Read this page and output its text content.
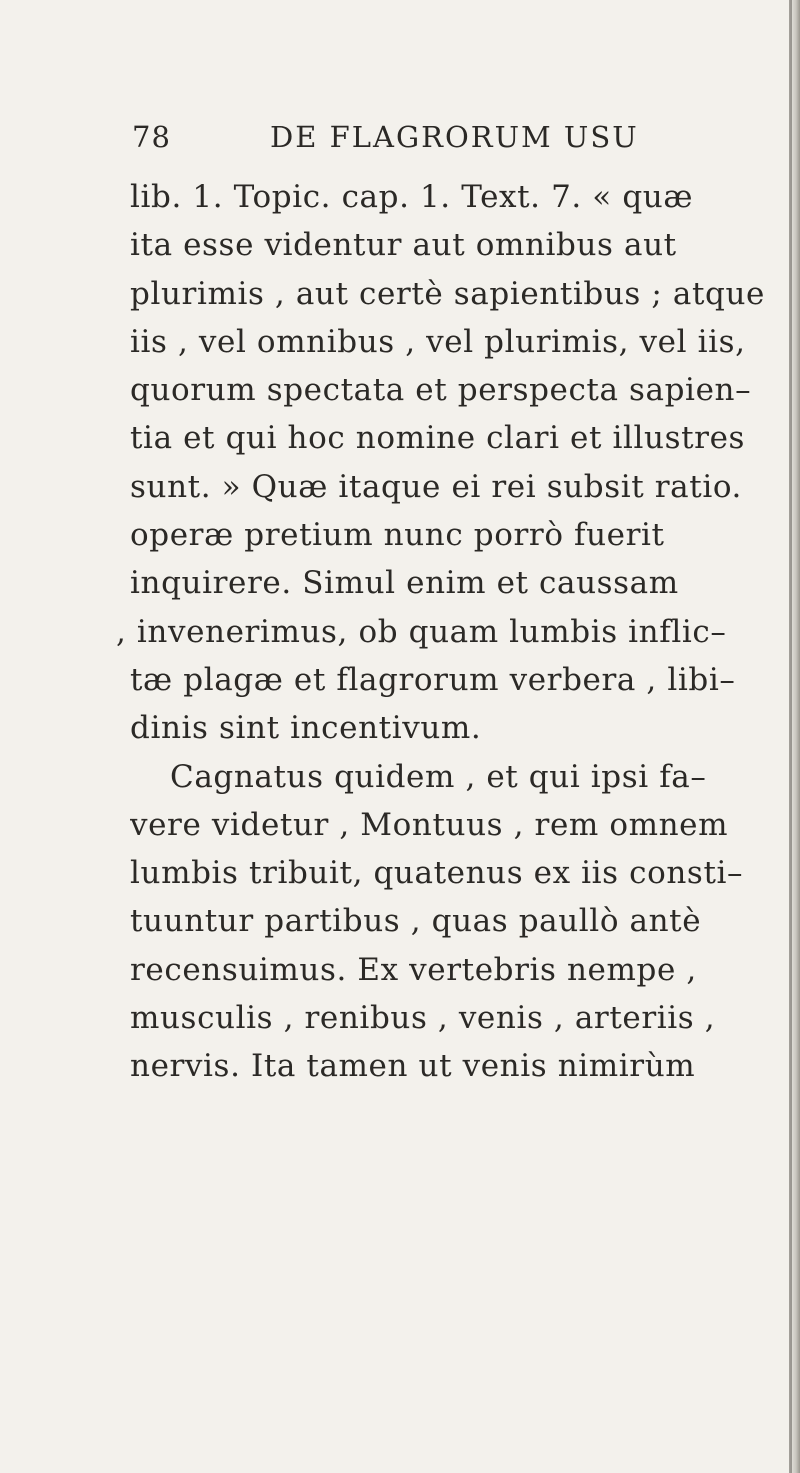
78	DE FLAGRORUM USU
lib. 1. Topic. cap. 1. Text. 7. « quæ
ita esse videntur aut omnibus aut
plurimis , aut certè sapientibus ; atque
iis , vel omnibus , vel plurimis, vel iis,
quorum spectata et perspecta sapien–
tia et qui hoc nomine clari et illustres
sunt. » Quæ itaque ei rei subsit ratio.
operæ pretium nunc porrò fuerit
inquirere. Simul enim et caussam
, invenerimus, ob quam lumbis inflic–
tæ plagæ et flagrorum verbera , libi–
dinis sint incentivum.
Cagnatus quidem , et qui ipsi fa–
vere videtur , Montuus , rem omnem
lumbis tribuit, quatenus ex iis consti–
tuuntur partibus , quas paullò antè
recensuimus. Ex vertebris nempe ,
musculis , renibus , venis , arteriis ,
nervis. Ita tamen ut venis nimirùm
